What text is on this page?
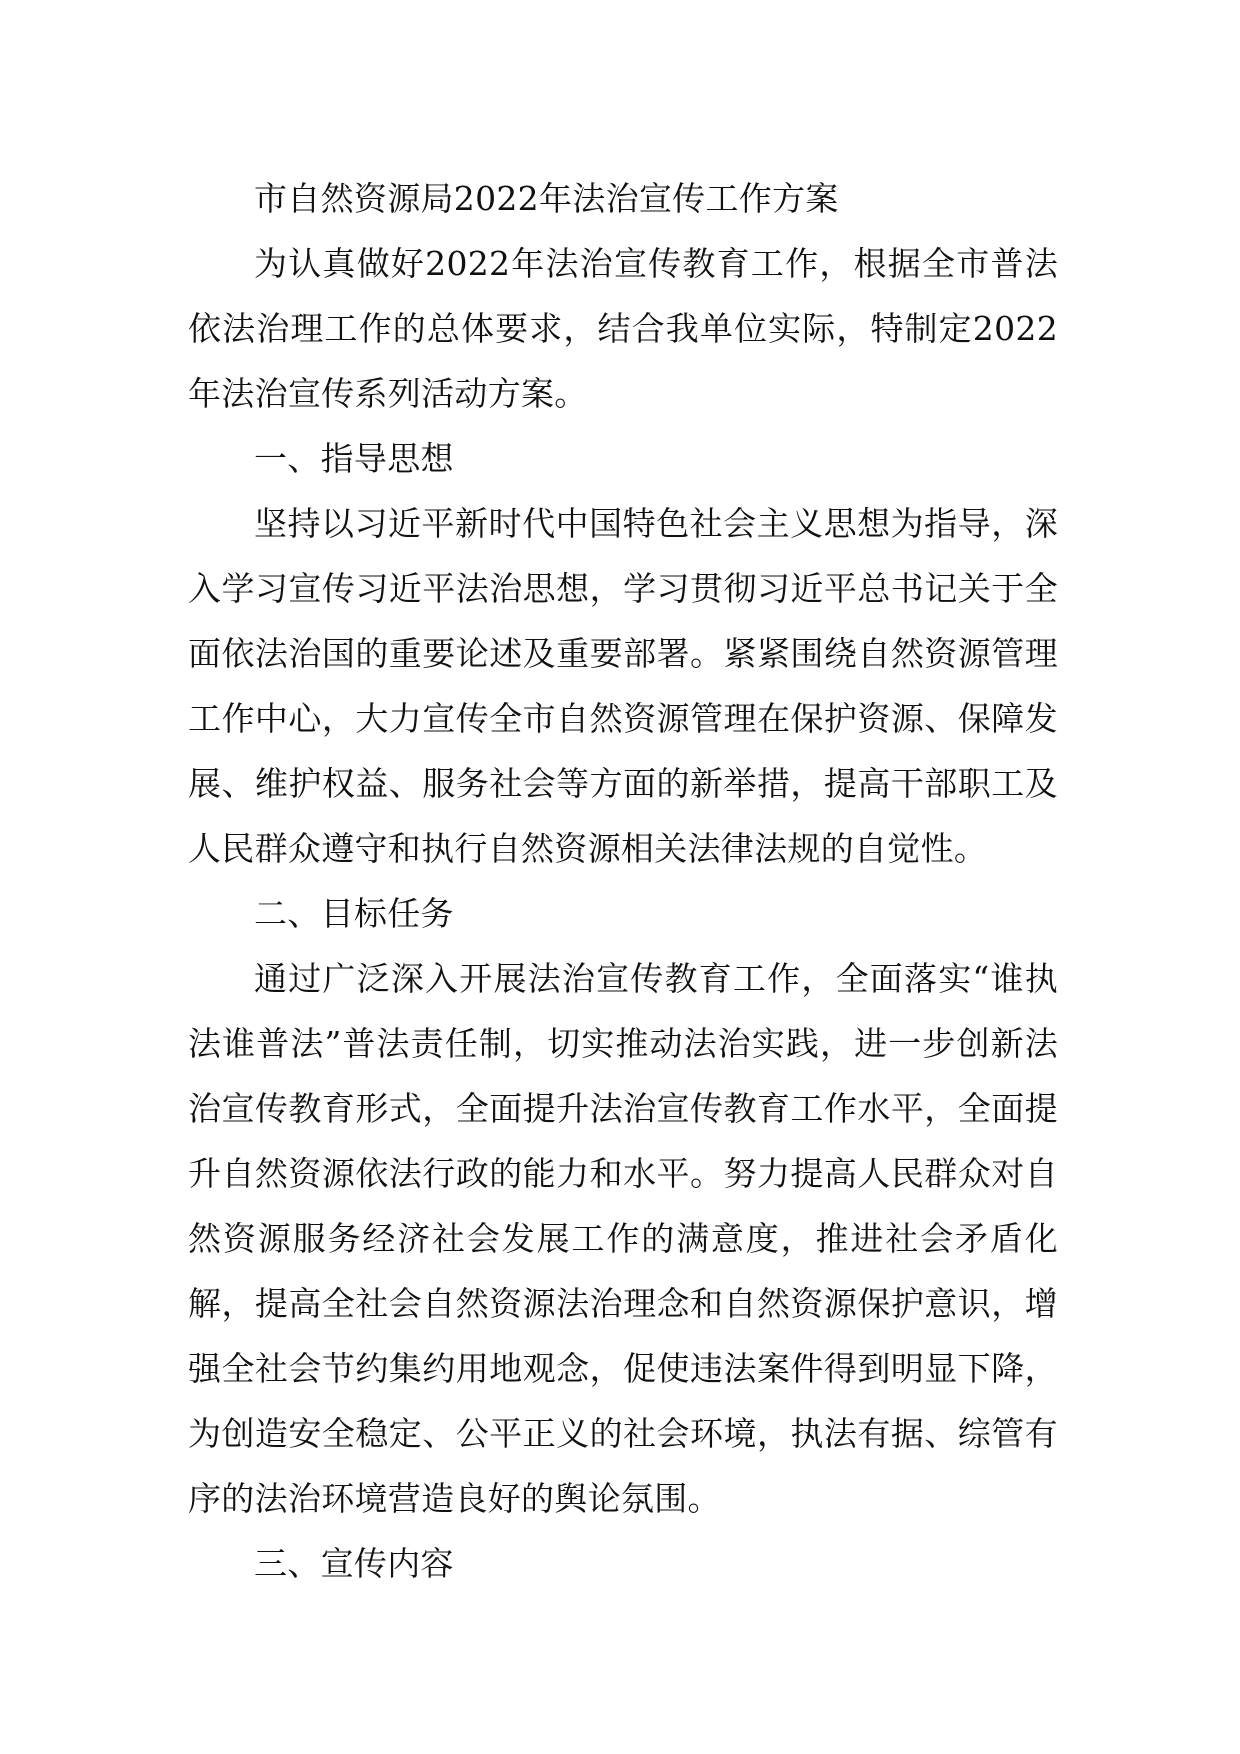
市自然资源局2022年法治宣传工作方案

为认真做好2022年法治宣传教育工作，根据全市普法依法治理工作的总体要求，结合我单位实际，特制定2022年法治宣传系列活动方案。

一、指导思想

坚持以习近平新时代中国特色社会主义思想为指导，深入学习宣传习近平法治思想，学习贯彻习近平总书记关于全面依法治国的重要论述及重要部署。紧紧围绕自然资源管理工作中心，大力宣传全市自然资源管理在保护资源、保障发展、维护权益、服务社会等方面的新举措，提高干部职工及人民群众遵守和执行自然资源相关法律法规的自觉性。

二、目标任务

通过广泛深入开展法治宣传教育工作，全面落实“谁执法谁普法”普法责任制，切实推动法治实践，进一步创新法治宣传教育形式，全面提升法治宣传教育工作水平，全面提升自然资源依法行政的能力和水平。努力提高人民群众对自然资源服务经济社会发展工作的满意度，推进社会矛盾化解，提高全社会自然资源法治理念和自然资源保护意识，增强全社会节约集约用地观念，促使违法案件得到明显下降，为创造安全稳定、公平正义的社会环境，执法有据、综管有序的法治环境营造良好的舆论氛围。

三、宣传内容
